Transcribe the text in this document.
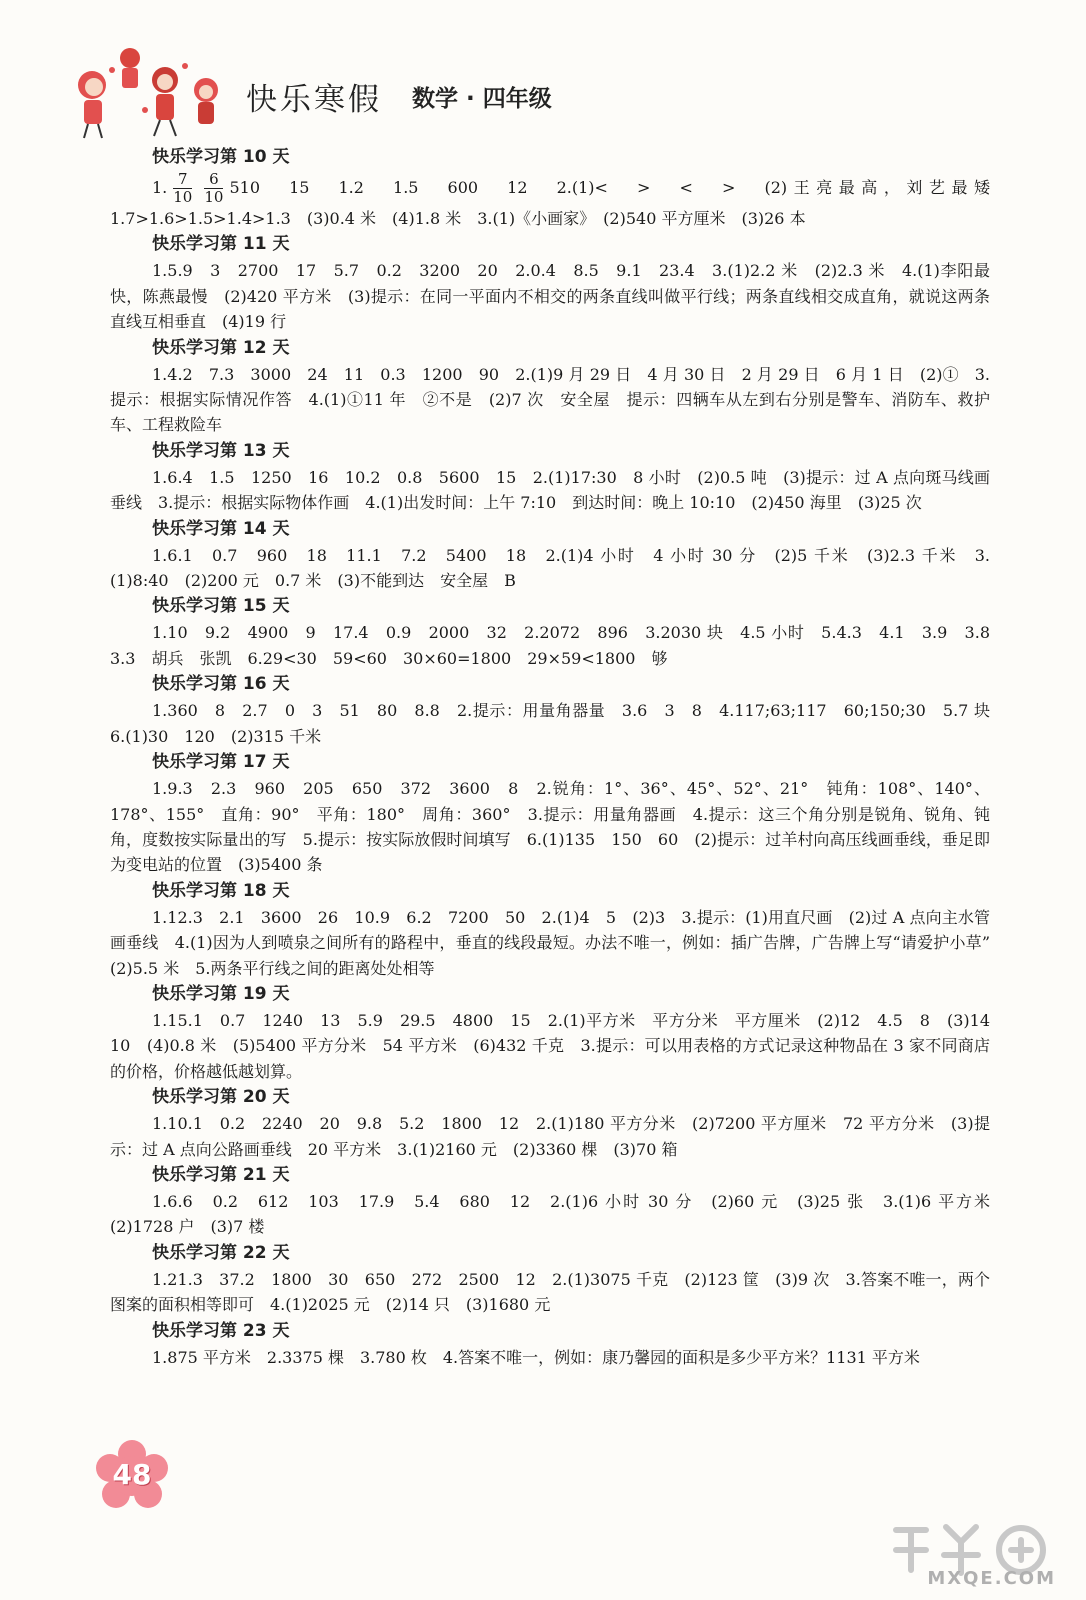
快乐寒假 数学 · 四年级
快乐学习第 10 天
1. $\frac{7}{10} \frac{6}{10} 510$　15　1.2　1.5　600　12　2.(1)<　>　<　>　(2)王亮最高，刘艺最矮　1.7>1.6>1.5>1.4>1.3　(3)0.4 米　(4)1.8 米　3.(1)《小画家》　(2)540 平方厘米　(3)26 本
快乐学习第 11 天
1.5.9　3　2700　17　5.7　0.2　3200　20　2.0.4　8.5　9.1　23.4　3.(1)2.2 米　(2)2.3 米　4.(1)李阳最快，陈燕最慢　(2)420 平方米　(3)提示：在同一平面内不相交的两条直线叫做平行线；两条直线相交成直角，就说这两条直线互相垂直　(4)19 行
快乐学习第 12 天
1.4.2　7.3　3000　24　11　0.3　1200　90　2.(1)9 月 29 日　4 月 30 日　2 月 29 日　6 月 1 日　(2)①　3.提示：根据实际情况作答　4.(1)①11 年　②不是　(2)7 次　安全屋　提示：四辆车从左到右分别是警车、消防车、救护车、工程救险车
快乐学习第 13 天
1.6.4　1.5　1250　16　10.2　0.8　5600　15　2.(1)17:30　8 小时　(2)0.5 吨　(3)提示：过 A 点向斑马线画垂线　3.提示：根据实际物体作画　4.(1)出发时间：上午 7:10　到达时间：晚上 10:10　(2)450 海里　(3)25 次
快乐学习第 14 天
1.6.1　0.7　960　18　11.1　7.2　5400　18　2.(1)4 小时　4 小时 30 分　(2)5 千米　(3)2.3 千米　3.(1)8:40　(2)200 元　0.7 米　(3)不能到达　安全屋　B
快乐学习第 15 天
1.10　9.2　4900　9　17.4　0.9　2000　32　2.2072　896　3.2030 块　4.5 小时　5.4.3　4.1　3.9　3.8　3.3　胡兵　张凯　6.29<30　59<60　30×60=1800　29×59<1800　够
快乐学习第 16 天
1.360　8　2.7　0　3　51　80　8.8　2.提示：用量角器量　3.6　3　8　4.117;63;117　60;150;30　5.7 块　6.(1)30　120　(2)315 千米
快乐学习第 17 天
1.9.3　2.3　960　205　650　372　3600　8　2.锐角：1°、36°、45°、52°、21°　钝角：108°、140°、178°、155°　直角：90°　平角：180°　周角：360°　3.提示：用量角器画　4.提示：这三个角分别是锐角、锐角、钝角，度数按实际量出的写　5.提示：按实际放假时间填写　6.(1)135　150　60　(2)提示：过羊村向高压线画垂线，垂足即为变电站的位置　(3)5400 条
快乐学习第 18 天
1.12.3　2.1　3600　26　10.9　6.2　7200　50　2.(1)4　5　(2)3　3.提示：(1)用直尺画　(2)过 A 点向主水管画垂线　4.(1)因为人到喷泉之间所有的路程中，垂直的线段最短。办法不唯一，例如：插广告牌，广告牌上写“请爱护小草”　(2)5.5 米　5.两条平行线之间的距离处处相等
快乐学习第 19 天
1.15.1　0.7　1240　13　5.9　29.5　4800　15　2.(1)平方米　平方分米　平方厘米　(2)12　4.5　8　(3)14　10　(4)0.8 米　(5)5400 平方分米　54 平方米　(6)432 千克　3.提示：可以用表格的方式记录这种物品在 3 家不同商店的价格，价格越低越划算。
快乐学习第 20 天
1.10.1　0.2　2240　20　9.8　5.2　1800　12　2.(1)180 平方分米　(2)7200 平方厘米　72 平方分米　(3)提示：过 A 点向公路画垂线　20 平方米　3.(1)2160 元　(2)3360 棵　(3)70 箱
快乐学习第 21 天
1.6.6　0.2　612　103　17.9　5.4　680　12　2.(1)6 小时 30 分　(2)60 元　(3)25 张　3.(1)6 平方米　(2)1728 户　(3)7 楼
快乐学习第 22 天
1.21.3　37.2　1800　30　650　272　2500　12　2.(1)3075 千克　(2)123 筐　(3)9 次　3.答案不唯一，两个图案的面积相等即可　4.(1)2025 元　(2)14 只　(3)1680 元
快乐学习第 23 天
1.875 平方米　2.3375 棵　3.780 枚　4.答案不唯一，例如：康乃馨园的面积是多少平方米？1131 平方米
48
MXQE.COM
